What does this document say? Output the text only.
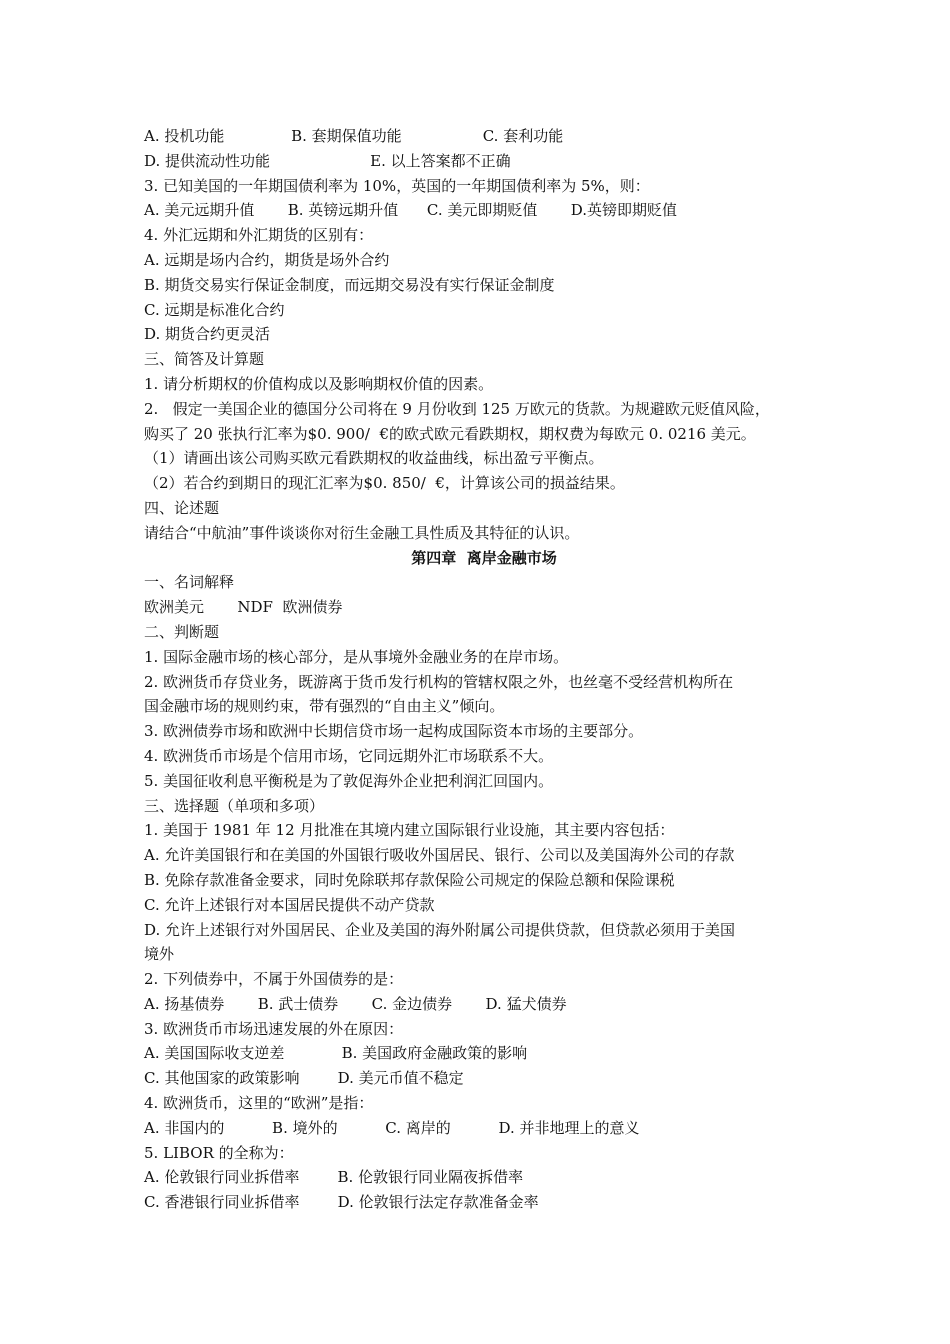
A. 投机功能              B. 套期保值功能                 C. 套利功能
D. 提供流动性功能                     E. 以上答案都不正确
3. 已知美国的一年期国债利率为 10%，英国的一年期国债利率为 5%，则：
A. 美元远期升值       B. 英镑远期升值      C. 美元即期贬值       D.英镑即期贬值
4. 外汇远期和外汇期货的区别有：
A. 远期是场内合约，期货是场外合约
B. 期货交易实行保证金制度，而远期交易没有实行保证金制度
C. 远期是标准化合约
D. 期货合约更灵活
三、简答及计算题
1. 请分析期权的价值构成以及影响期权价值的因素。
2.   假定一美国企业的德国分公司将在 9 月份收到 125 万欧元的货款。为规避欧元贬值风险，
购买了 20 张执行汇率为$0. 900/  €的欧式欧元看跌期权，期权费为每欧元 0. 0216 美元。
（1）请画出该公司购买欧元看跌期权的收益曲线，标出盈亏平衡点。
（2）若合约到期日的现汇汇率为$0. 850/  €，计算该公司的损益结果。
四、论述题
请结合“中航油”事件谈谈你对衍生金融工具性质及其特征的认识。
第四章  离岸金融市场
一、名词解释
欧洲美元       NDF  欧洲债券
二、判断题
1. 国际金融市场的核心部分，是从事境外金融业务的在岸市场。
2. 欧洲货币存贷业务，既游离于货币发行机构的管辖权限之外，也丝毫不受经营机构所在
国金融市场的规则约束，带有强烈的“自由主义”倾向。
3. 欧洲债券市场和欧洲中长期信贷市场一起构成国际资本市场的主要部分。
4. 欧洲货币市场是个信用市场，它同远期外汇市场联系不大。
5. 美国征收利息平衡税是为了敦促海外企业把利润汇回国内。
三、选择题（单项和多项）
1. 美国于 1981 年 12 月批准在其境内建立国际银行业设施，其主要内容包括：
A. 允许美国银行和在美国的外国银行吸收外国居民、银行、公司以及美国海外公司的存款
B. 免除存款准备金要求，同时免除联邦存款保险公司规定的保险总额和保险课税
C. 允许上述银行对本国居民提供不动产贷款
D. 允许上述银行对外国居民、企业及美国的海外附属公司提供贷款，但贷款必须用于美国
境外
2. 下列债券中，不属于外国债券的是：
A. 扬基债券       B. 武士债券       C. 金边债券       D. 猛犬债券
3. 欧洲货币市场迅速发展的外在原因：
A. 美国国际收支逆差            B. 美国政府金融政策的影响
C. 其他国家的政策影响        D. 美元币值不稳定
4. 欧洲货币，这里的“欧洲”是指：
A. 非国内的          B. 境外的          C. 离岸的          D. 并非地理上的意义
5. LIBOR 的全称为：
A. 伦敦银行同业拆借率        B. 伦敦银行同业隔夜拆借率
C. 香港银行同业拆借率        D. 伦敦银行法定存款准备金率
